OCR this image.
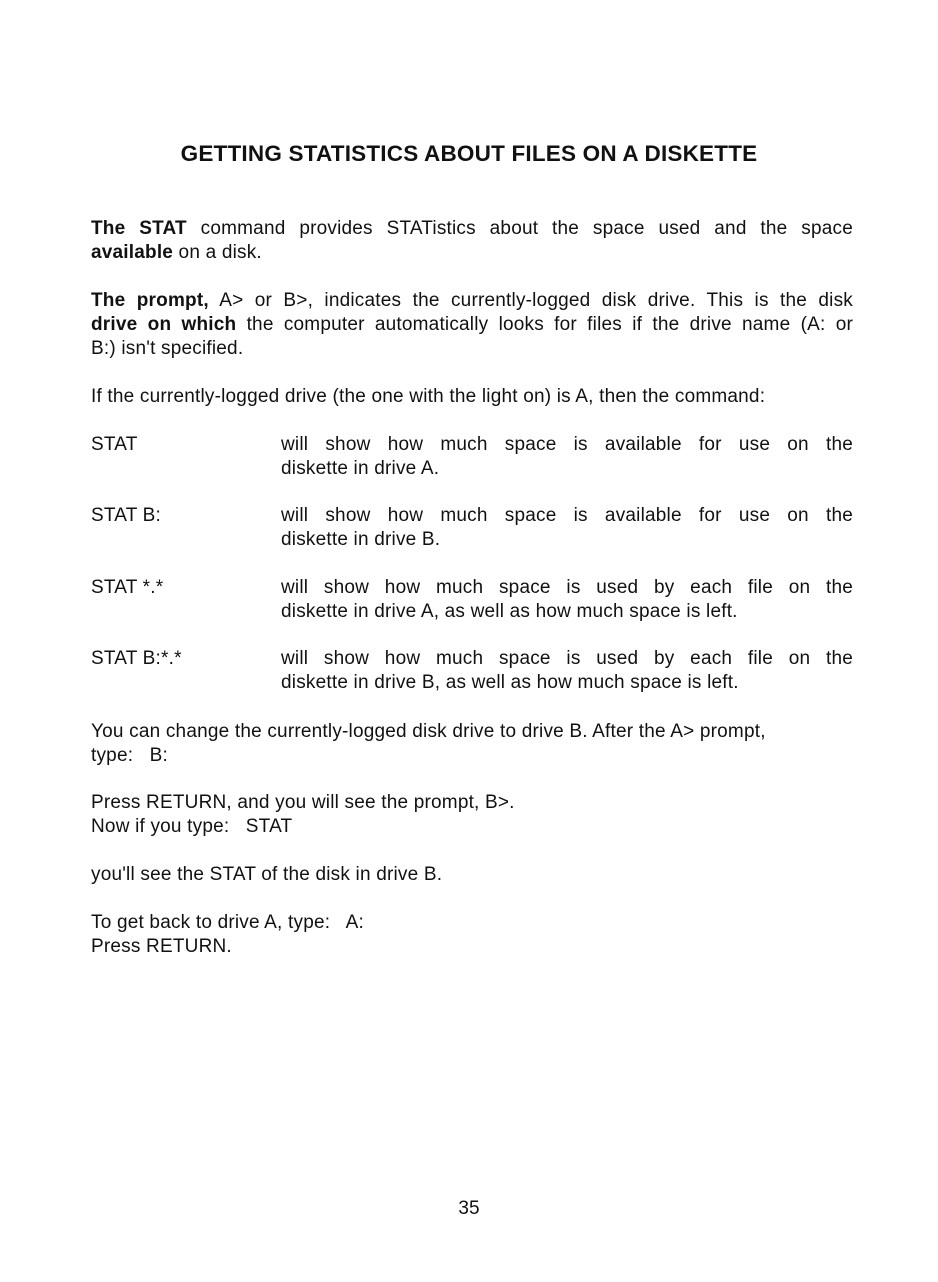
GETTING STATISTICS ABOUT FILES ON A DISKETTE
The STAT command provides STATistics about the space used and the space
available on a disk.
The prompt, A> or B>, indicates the currently-logged disk drive. This is the disk
drive on which the computer automatically looks for files if the drive name (A: or
B:) isn't specified.
If the currently-logged drive (the one with the light on) is A, then the command:
STAT	will show how much space is available for use on the
diskette in drive A.
STAT B:	will show how much space is available for use on the
diskette in drive B.
STAT *.*	will show how much space is used by each file on the
diskette in drive A, as well as how much space is left.
STAT B:*.*	will show how much space is used by each file on the
diskette in drive B, as well as how much space is left.
You can change the currently-logged disk drive to drive B. After the A> prompt,
type:   B:
Press RETURN, and you will see the prompt, B>.
Now if you type:   STAT
you'll see the STAT of the disk in drive B.
To get back to drive A, type:   A:
Press RETURN.
35
